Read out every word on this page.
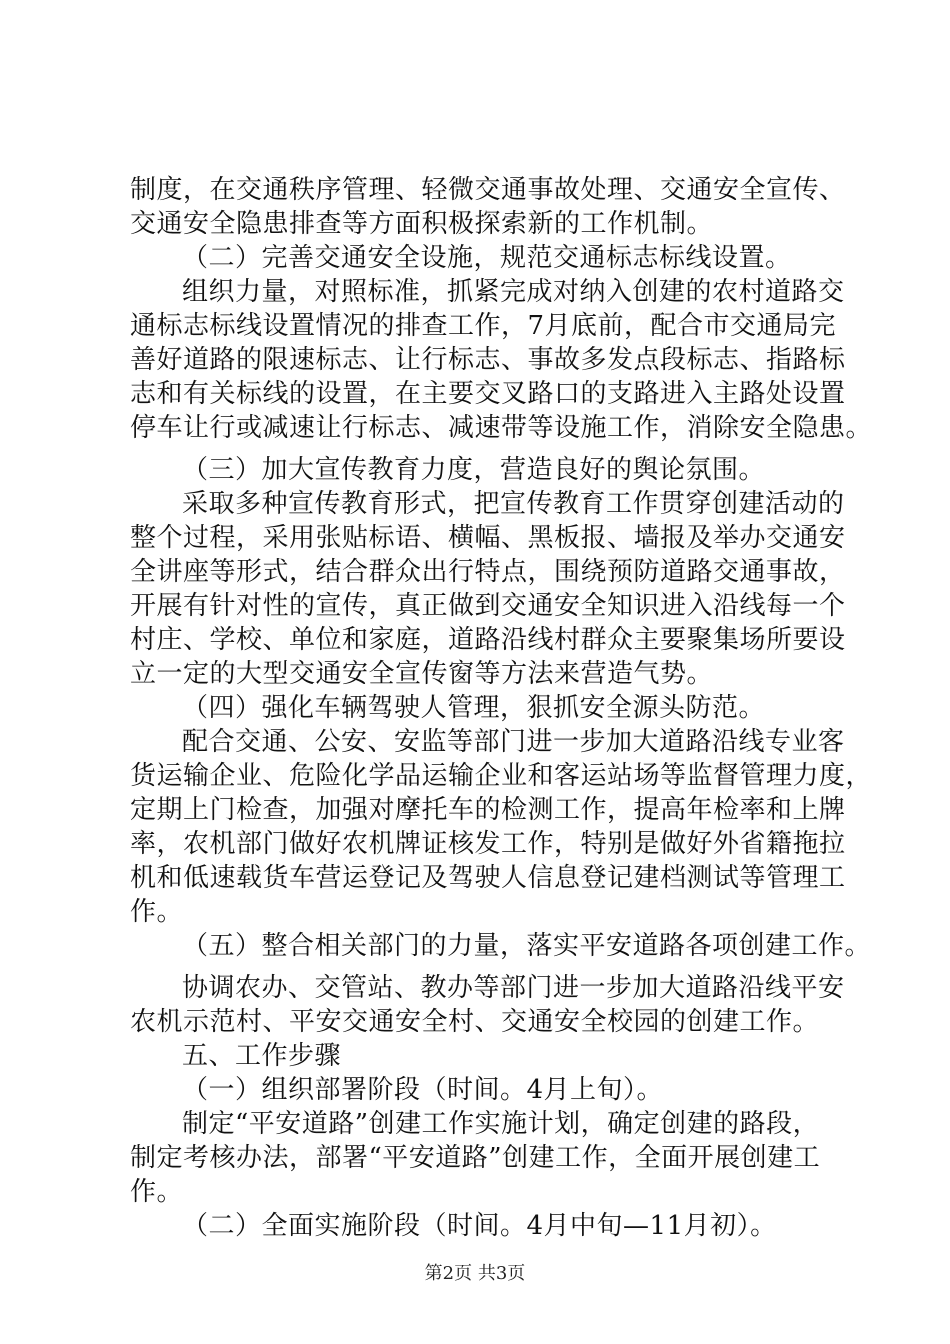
制度，在交通秩序管理、轻微交通事故处理、交通安全宣传、
交通安全隐患排查等方面积极探索新的工作机制。
（二）完善交通安全设施，规范交通标志标线设置。
组织力量，对照标准，抓紧完成对纳入创建的农村道路交
通标志标线设置情况的排查工作，7月底前，配合市交通局完
善好道路的限速标志、让行标志、事故多发点段标志、指路标
志和有关标线的设置，在主要交叉路口的支路进入主路处设置
停车让行或减速让行标志、减速带等设施工作，消除安全隐患。
（三）加大宣传教育力度，营造良好的舆论氛围。
采取多种宣传教育形式，把宣传教育工作贯穿创建活动的
整个过程，采用张贴标语、横幅、黑板报、墙报及举办交通安
全讲座等形式，结合群众出行特点，围绕预防道路交通事故，
开展有针对性的宣传，真正做到交通安全知识进入沿线每一个
村庄、学校、单位和家庭，道路沿线村群众主要聚集场所要设
立一定的大型交通安全宣传窗等方法来营造气势。
（四）强化车辆驾驶人管理，狠抓安全源头防范。
配合交通、公安、安监等部门进一步加大道路沿线专业客
货运输企业、危险化学品运输企业和客运站场等监督管理力度，
定期上门检查，加强对摩托车的检测工作，提高年检率和上牌
率，农机部门做好农机牌证核发工作，特别是做好外省籍拖拉
机和低速载货车营运登记及驾驶人信息登记建档测试等管理工
作。
（五）整合相关部门的力量，落实平安道路各项创建工作。
协调农办、交管站、教办等部门进一步加大道路沿线平安
农机示范村、平安交通安全村、交通安全校园的创建工作。
五、工作步骤
（一）组织部署阶段（时间。4月上旬）。
制定“平安道路”创建工作实施计划，确定创建的路段，
制定考核办法，部署“平安道路”创建工作，全面开展创建工
作。
（二）全面实施阶段（时间。4月中旬—11月初）。
第2页 共3页
